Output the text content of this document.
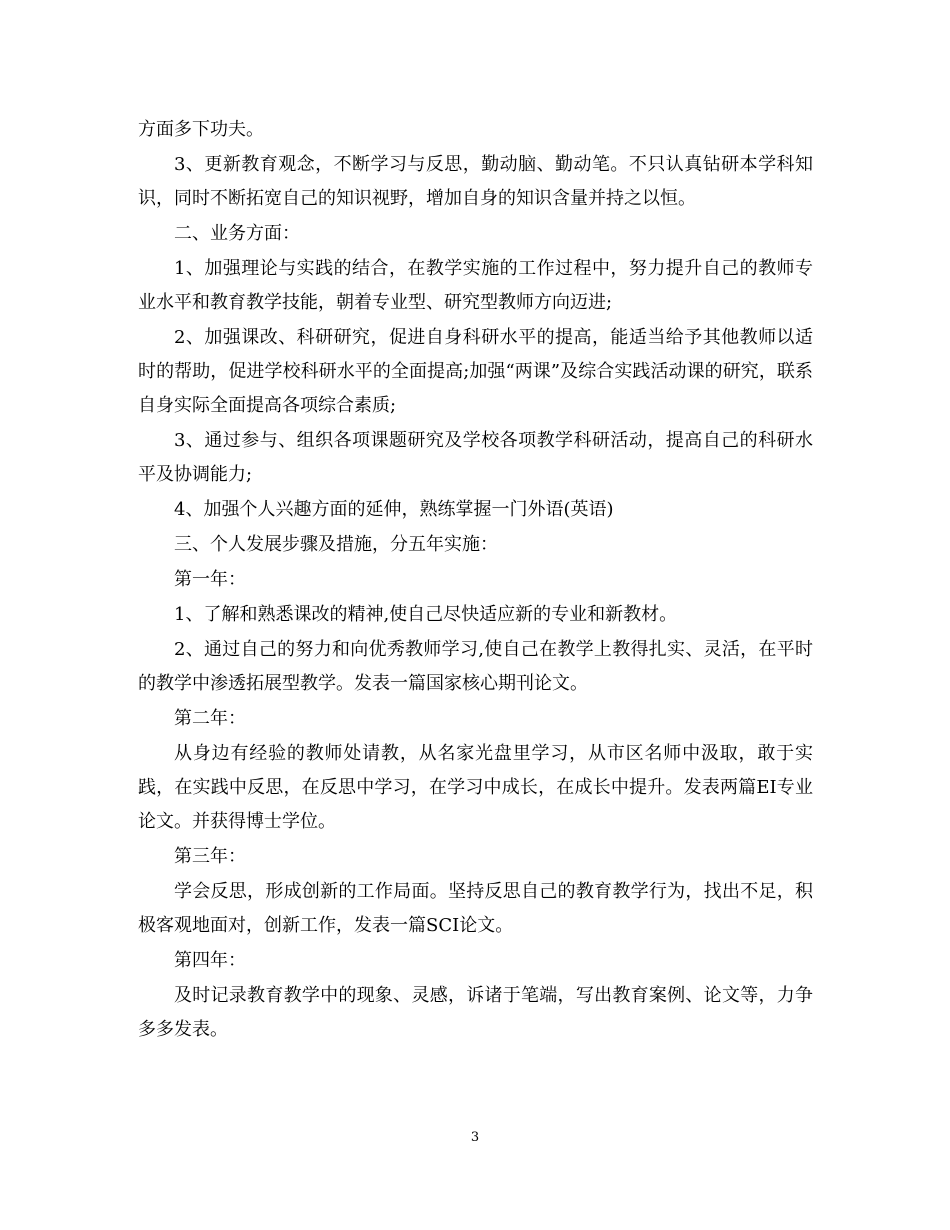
方面多下功夫。

3、更新教育观念，不断学习与反思，勤动脑、勤动笔。不只认真钻研本学科知识，同时不断拓宽自己的知识视野，增加自身的知识含量并持之以恒。

二、业务方面：

1、加强理论与实践的结合，在教学实施的工作过程中，努力提升自己的教师专业水平和教育教学技能，朝着专业型、研究型教师方向迈进;

2、加强课改、科研研究，促进自身科研水平的提高，能适当给予其他教师以适时的帮助，促进学校科研水平的全面提高;加强“两课”及综合实践活动课的研究，联系自身实际全面提高各项综合素质;

3、通过参与、组织各项课题研究及学校各项教学科研活动，提高自己的科研水平及协调能力;

4、加强个人兴趣方面的延伸，熟练掌握一门外语(英语)

三、个人发展步骤及措施，分五年实施：

第一年：

1、了解和熟悉课改的精神,使自己尽快适应新的专业和新教材。

2、通过自己的努力和向优秀教师学习,使自己在教学上教得扎实、灵活，在平时的教学中渗透拓展型教学。发表一篇国家核心期刊论文。

第二年：

从身边有经验的教师处请教，从名家光盘里学习，从市区名师中汲取，敢于实践，在实践中反思，在反思中学习，在学习中成长，在成长中提升。发表两篇EI专业论文。并获得博士学位。

第三年：

学会反思，形成创新的工作局面。坚持反思自己的教育教学行为，找出不足，积极客观地面对，创新工作，发表一篇SCI论文。

第四年：

及时记录教育教学中的现象、灵感，诉诸于笔端，写出教育案例、论文等，力争多多发表。

3
